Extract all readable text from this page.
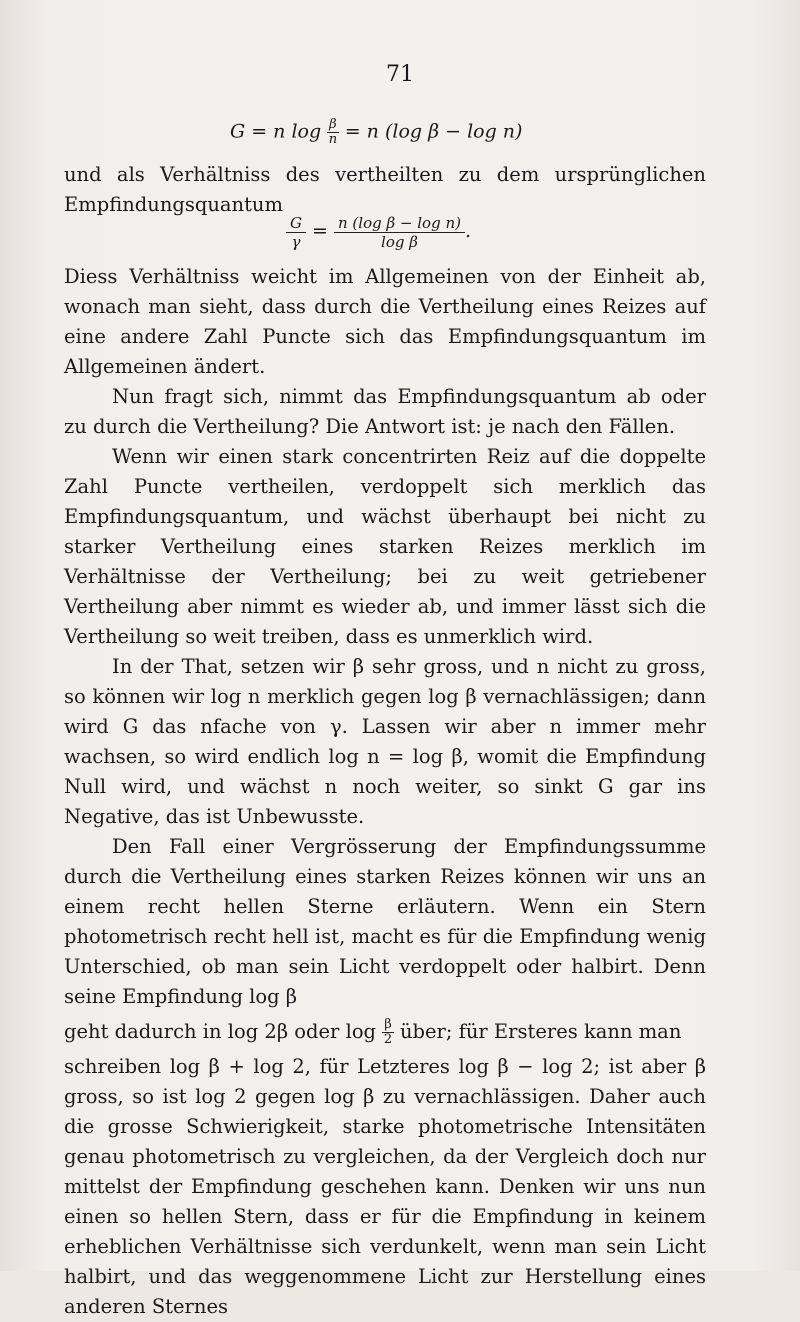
71
G = n $\log \frac{\beta}{n} = n$ (log β − log n)
und als Verhältniss des vertheilten zu dem ursprünglichen Empfindungsquantum
$\frac{G}{\gamma} = \frac{\text{n (log β − log n)}}{\text{log β}}$ .

Diess Verhältniss weicht im Allgemeinen von der Einheit ab, wonach man sieht, dass durch die Vertheilung eines Reizes auf eine andere Zahl Puncte sich das Empfindungsquantum im Allgemeinen ändert.

Nun fragt sich, nimmt das Empfindungsquantum ab oder zu durch die Vertheilung? Die Antwort ist: je nach den Fällen.

Wenn wir einen stark concentrirten Reiz auf die doppelte Zahl Puncte vertheilen, verdoppelt sich merklich das Empfindungsquantum, und wächst überhaupt bei nicht zu starker Vertheilung eines starken Reizes merklich im Verhältnisse der Vertheilung; bei zu weit getriebener Vertheilung aber nimmt es wieder ab, und immer lässt sich die Vertheilung so weit treiben, dass es unmerklich wird.

In der That, setzen wir β sehr gross, und n nicht zu gross, so können wir log n merklich gegen log β vernachlässigen; dann wird G das nfache von γ. Lassen wir aber n immer mehr wachsen, so wird endlich log n = log β, womit die Empfindung Null wird, und wächst n noch weiter, so sinkt G gar ins Negative, das ist Unbewusste.

Den Fall einer Vergrösserung der Empfindungssumme durch die Vertheilung eines starken Reizes können wir uns an einem recht hellen Sterne erläutern. Wenn ein Stern photometrisch recht hell ist, macht es für die Empfindung wenig Unterschied, ob man sein Licht verdoppelt oder halbirt. Denn seine Empfindung log β

geht dadurch in log 2β oder $\log \frac{\beta}{2}$ über; für Ersteres kann man

schreiben log β + log 2, für Letzteres log β − log 2; ist aber β gross, so ist log 2 gegen log β zu vernachlässigen. Daher auch die grosse Schwierigkeit, starke photometrische Intensitäten genau photometrisch zu vergleichen, da der Vergleich doch nur mittelst der Empfindung geschehen kann. Denken wir uns nun einen so hellen Stern, dass er für die Empfindung in keinem erheblichen Verhältnisse sich verdunkelt, wenn man sein Licht halbirt, und das weggenommene Licht zur Herstellung eines anderen Sternes
